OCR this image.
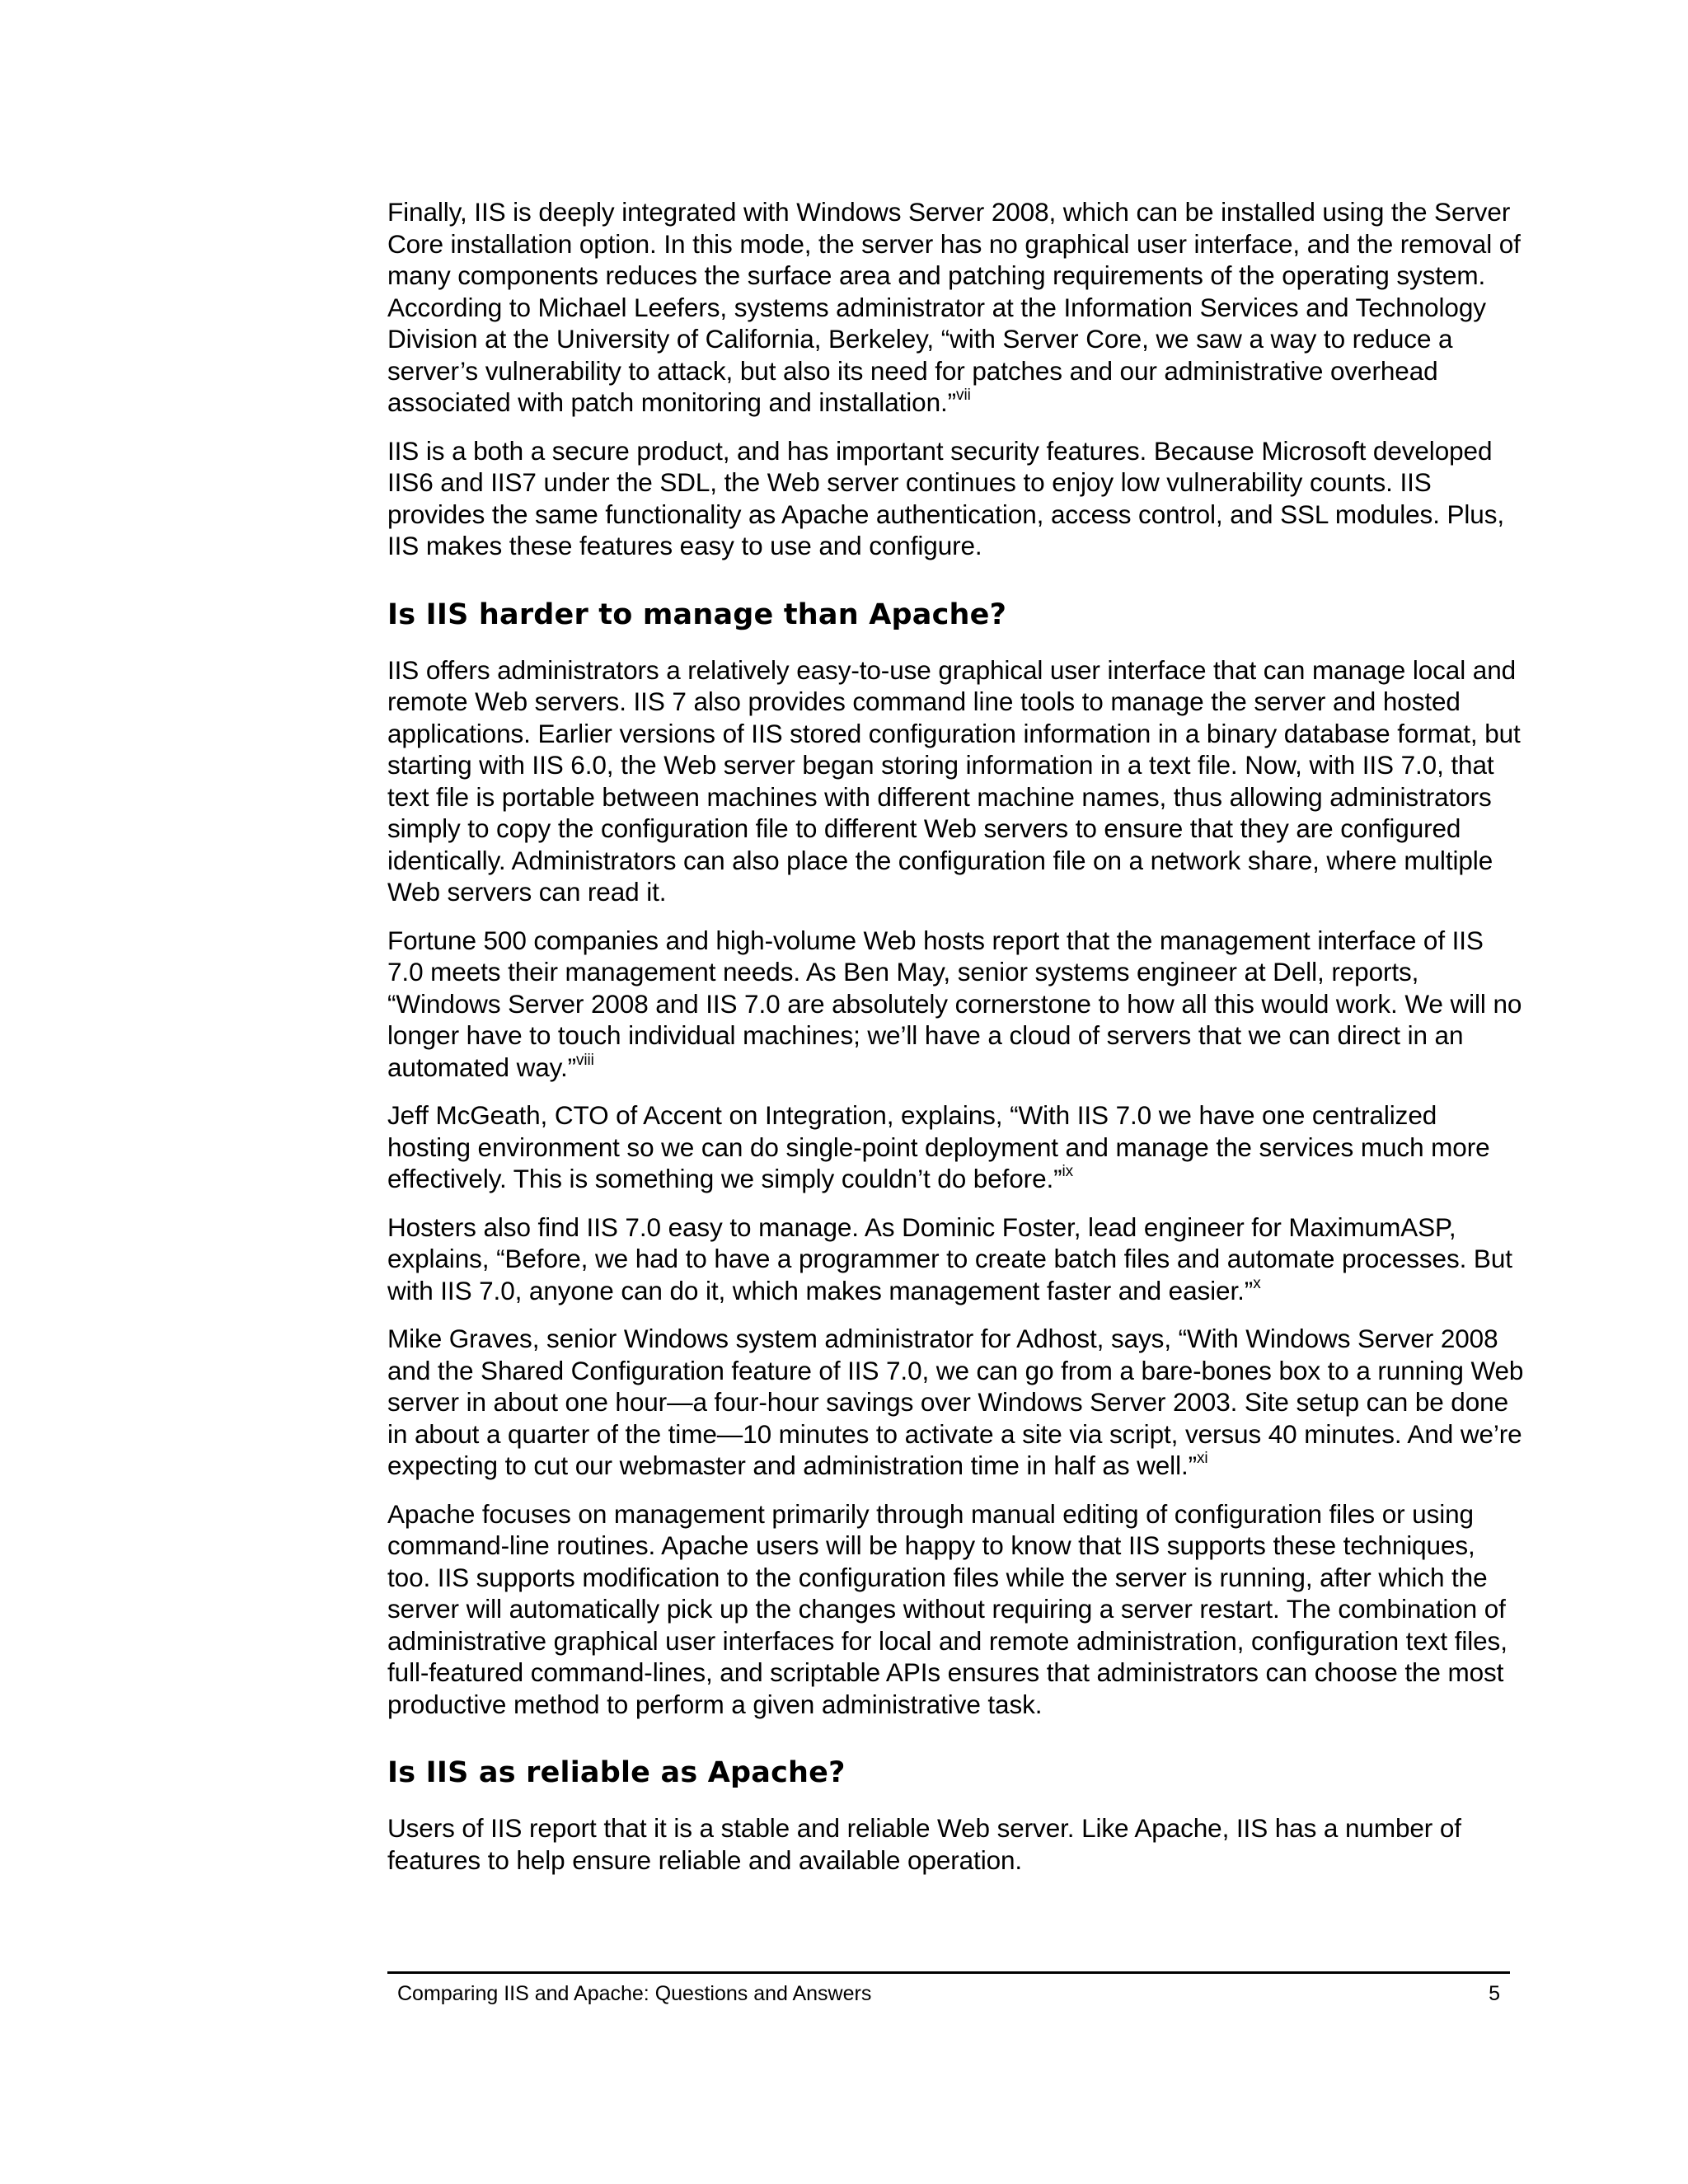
Finally, IIS is deeply integrated with Windows Server 2008, which can be installed using the Server Core installation option. In this mode, the server has no graphical user interface, and the removal of many components reduces the surface area and patching requirements of the operating system. According to Michael Leefers, systems administrator at the Information Services and Technology Division at the University of California, Berkeley, “with Server Core, we saw a way to reduce a server’s vulnerability to attack, but also its need for patches and our administrative overhead associated with patch monitoring and installation.”$^{vii}$

IIS is a both a secure product, and has important security features. Because Microsoft developed IIS6 and IIS7 under the SDL, the Web server continues to enjoy low vulnerability counts. IIS provides the same functionality as Apache authentication, access control, and SSL modules. Plus, IIS makes these features easy to use and configure.

Is IIS harder to manage than Apache?

IIS offers administrators a relatively easy-to-use graphical user interface that can manage local and remote Web servers. IIS 7 also provides command line tools to manage the server and hosted applications. Earlier versions of IIS stored configuration information in a binary database format, but starting with IIS 6.0, the Web server began storing information in a text file. Now, with IIS 7.0, that text file is portable between machines with different machine names, thus allowing administrators simply to copy the configuration file to different Web servers to ensure that they are configured identically. Administrators can also place the configuration file on a network share, where multiple Web servers can read it.

Fortune 500 companies and high-volume Web hosts report that the management interface of IIS 7.0 meets their management needs. As Ben May, senior systems engineer at Dell, reports, “Windows Server 2008 and IIS 7.0 are absolutely cornerstone to how all this would work. We will no longer have to touch individual machines; we’ll have a cloud of servers that we can direct in an automated way.”$^{viii}$

Jeff McGeath, CTO of Accent on Integration, explains, “With IIS 7.0 we have one centralized hosting environment so we can do single-point deployment and manage the services much more effectively. This is something we simply couldn’t do before.”$^{ix}$

Hosters also find IIS 7.0 easy to manage. As Dominic Foster, lead engineer for MaximumASP, explains, “Before, we had to have a programmer to create batch files and automate processes. But with IIS 7.0, anyone can do it, which makes management faster and easier.”$^x$

Mike Graves, senior Windows system administrator for Adhost, says, “With Windows Server 2008 and the Shared Configuration feature of IIS 7.0, we can go from a bare-bones box to a running Web server in about one hour—a four-hour savings over Windows Server 2003. Site setup can be done in about a quarter of the time—10 minutes to activate a site via script, versus 40 minutes. And we’re expecting to cut our webmaster and administration time in half as well.”$^{xi}$

Apache focuses on management primarily through manual editing of configuration files or using command-line routines. Apache users will be happy to know that IIS supports these techniques, too. IIS supports modification to the configuration files while the server is running, after which the server will automatically pick up the changes without requiring a server restart. The combination of administrative graphical user interfaces for local and remote administration, configuration text files, full-featured command-lines, and scriptable APIs ensures that administrators can choose the most productive method to perform a given administrative task.

Is IIS as reliable as Apache?

Users of IIS report that it is a stable and reliable Web server. Like Apache, IIS has a number of features to help ensure reliable and available operation.

Comparing IIS and Apache: Questions and Answers	5
